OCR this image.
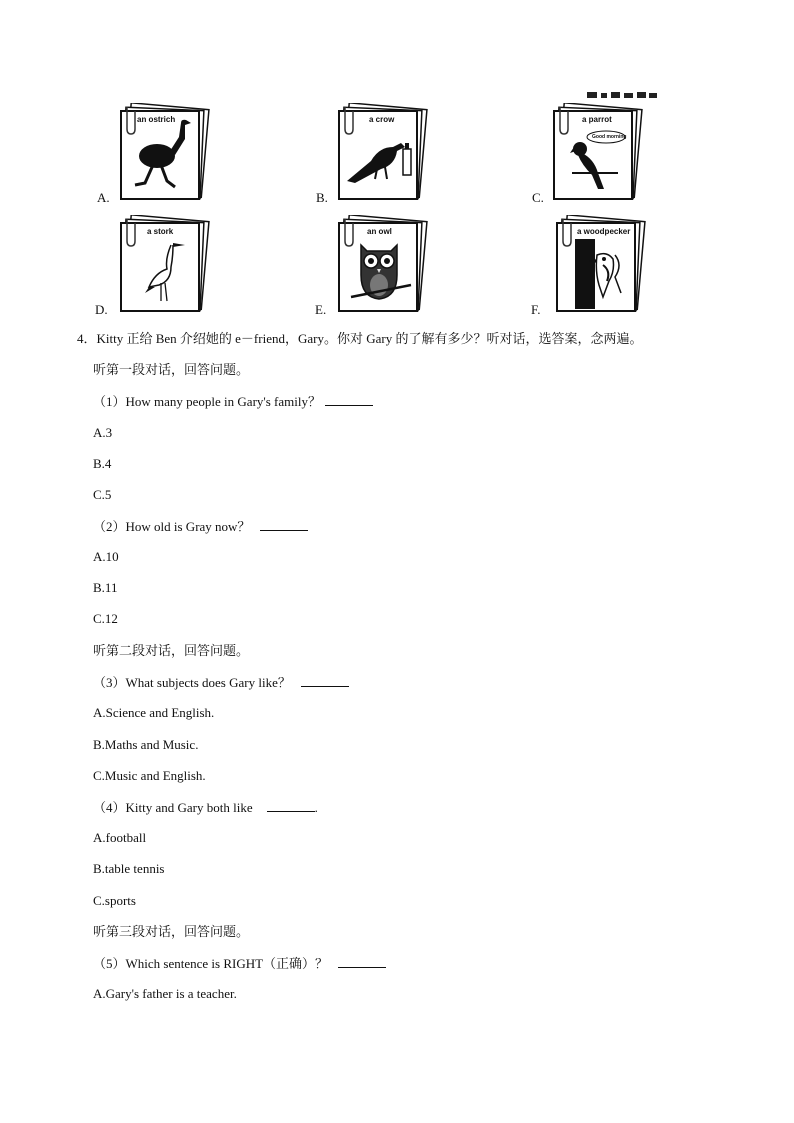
an ostrich
A.
a crow
B.
a parrot
Good morning
C.
a stork
D.
an owl
E.
a woodpecker
F.
4．Kitty 正给 Ben 介绍她的 e－friend，Gary。你对 Gary 的了解有多少？听对话，选答案，念两遍。
听第一段对话，回答问题。
（1）How many people in Gary's family？
A.3
B.4
C.5
（2）How old is Gray now？
A.10
B.11
C.12
听第二段对话，回答问题。
（3）What subjects does Gary like？
A.Science and English.
B.Maths and Music.
C.Music and English.
（4）Kitty and Gary both like	.
A.football
B.table tennis
C.sports
听第三段对话，回答问题。
（5）Which sentence is RIGHT（正确）？
A.Gary's father is a teacher.
